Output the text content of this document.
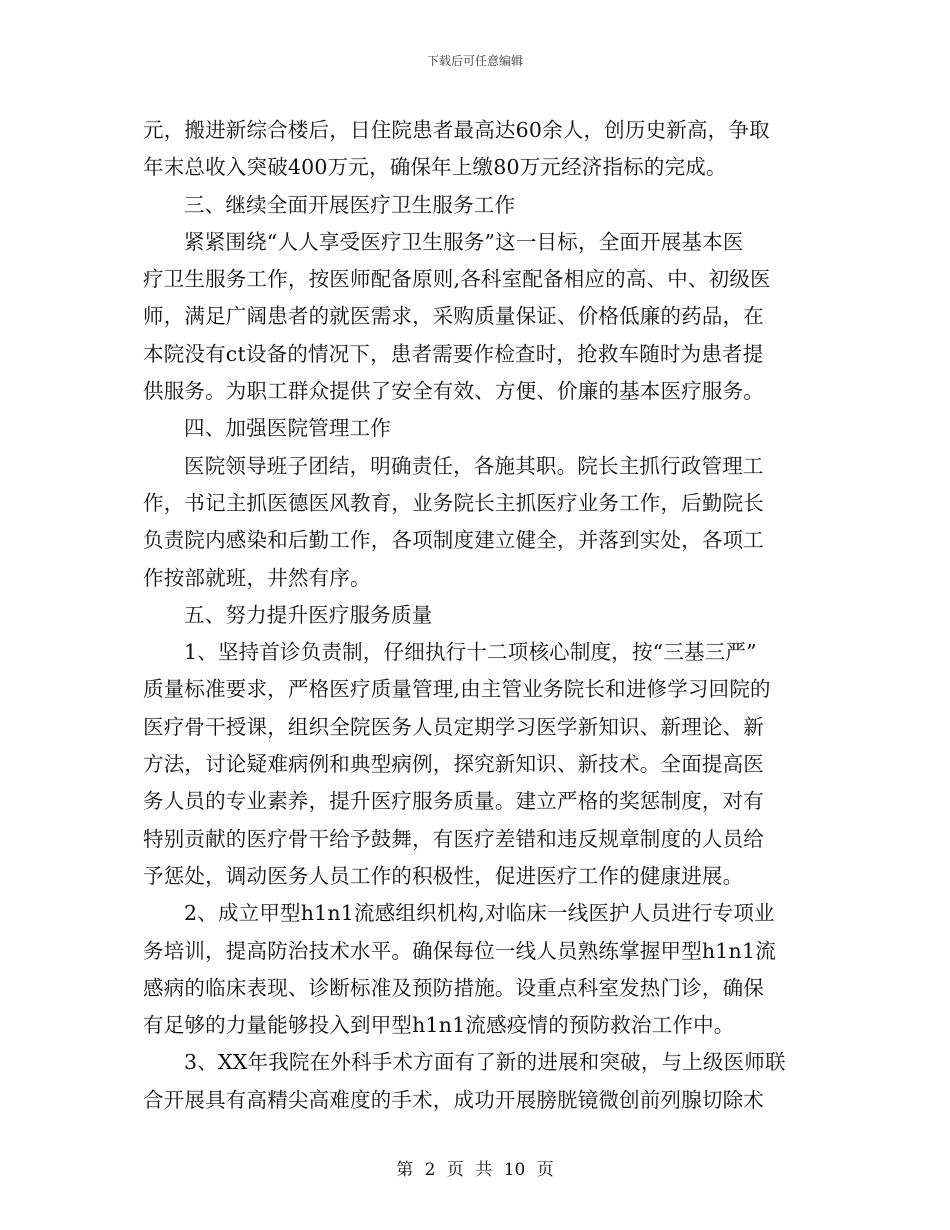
下载后可任意编辑
元，搬进新综合楼后，日住院患者最高达60余人，创历史新高，争取
年末总收入突破400万元，确保年上缴80万元经济指标的完成。
三、继续全面开展医疗卫生服务工作
紧紧围绕“人人享受医疗卫生服务”这一目标，全面开展基本医
疗卫生服务工作，按医师配备原则,各科室配备相应的高、中、初级医
师，满足广阔患者的就医需求，采购质量保证、价格低廉的药品，在
本院没有ct设备的情况下，患者需要作检查时，抢救车随时为患者提
供服务。为职工群众提供了安全有效、方便、价廉的基本医疗服务。
四、加强医院管理工作
医院领导班子团结，明确责任，各施其职。院长主抓行政管理工
作，书记主抓医德医风教育，业务院长主抓医疗业务工作，后勤院长
负责院内感染和后勤工作，各项制度建立健全，并落到实处，各项工
作按部就班，井然有序。
五、努力提升医疗服务质量
1、坚持首诊负责制，仔细执行十二项核心制度，按“三基三严”
质量标准要求，严格医疗质量管理,由主管业务院长和进修学习回院的
医疗骨干授课，组织全院医务人员定期学习医学新知识、新理论、新
方法，讨论疑难病例和典型病例，探究新知识、新技术。全面提高医
务人员的专业素养，提升医疗服务质量。建立严格的奖惩制度，对有
特别贡献的医疗骨干给予鼓舞，有医疗差错和违反规章制度的人员给
予惩处，调动医务人员工作的积极性，促进医疗工作的健康进展。
2、成立甲型h1n1流感组织机构,对临床一线医护人员进行专项业
务培训，提高防治技术水平。确保每位一线人员熟练掌握甲型h1n1流
感病的临床表现、诊断标准及预防措施。设重点科室发热门诊，确保
有足够的力量能够投入到甲型h1n1流感疫情的预防救治工作中。
3、XX年我院在外科手术方面有了新的进展和突破，与上级医师联
合开展具有高精尖高难度的手术，成功开展膀胱镜微创前列腺切除术
第 2 页 共 10 页
